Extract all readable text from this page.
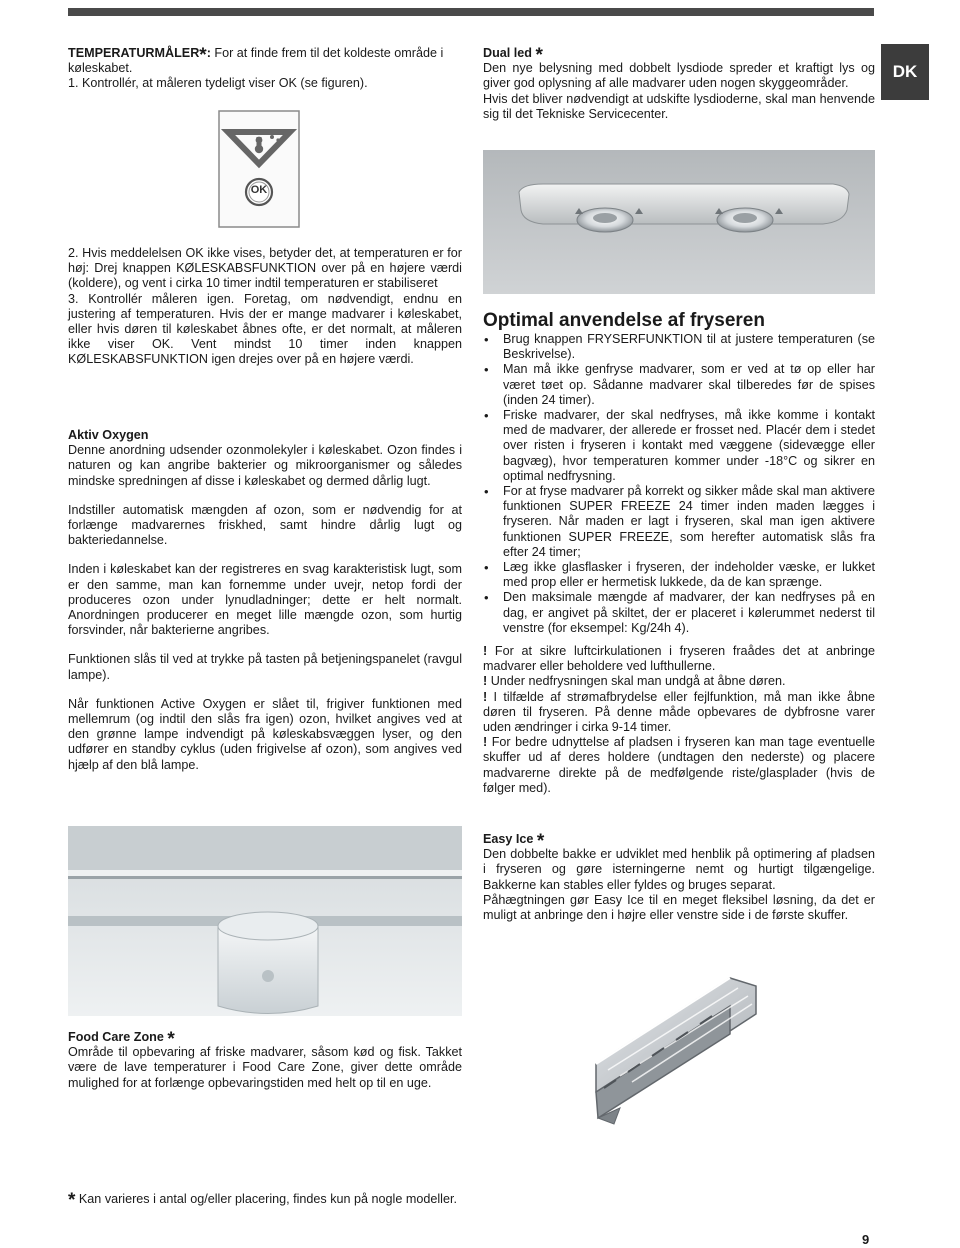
DK

TEMPERATURMÅLER*: For at finde frem til det koldeste område i køleskabet.

1. Kontrollér, at måleren tydeligt viser OK (se figuren).

OK

2. Hvis meddelelsen OK ikke vises, betyder det, at temperaturen er for høj: Drej knappen KØLESKABSFUNKTION over på en højere værdi (koldere), og vent i cirka 10 timer indtil temperaturen er stabiliseret

3. Kontrollér måleren igen. Foretag, om nødvendigt, endnu en justering af temperaturen. Hvis der er mange madvarer i køleskabet, eller hvis døren til køleskabet åbnes ofte, er det normalt, at måleren ikke viser OK. Vent mindst 10 timer inden knappen KØLESKABSFUNKTION igen drejes over på en højere værdi.

Aktiv Oxygen

Denne anordning udsender ozonmolekyler i køleskabet. Ozon findes i naturen og kan angribe bakterier og mikroorganismer og således mindske spredningen af disse i køleskabet og dermed dårlig lugt.

Indstiller automatisk mængden af ozon, som er nødvendig for at forlænge madvarernes friskhed, samt hindre dårlig lugt og bakteriedannelse.

Inden i køleskabet kan der registreres en svag karakteristisk lugt, som er den samme, man kan fornemme under uvejr, netop fordi der produceres ozon under lynudladninger; dette er helt normalt. Anordningen producerer en meget lille mængde ozon, som hurtig forsvinder, når bakterierne angribes.

Funktionen slås til ved at trykke på tasten på betjeningspanelet (ravgul lampe).

Når funktionen Active Oxygen er slået til, frigiver funktionen med mellemrum (og indtil den slås fra igen) ozon, hvilket angives ved at den grønne lampe indvendigt på køleskabsvæggen lyser, og den udfører en standby cyklus (uden frigivelse af ozon), som angives ved hjælp af den blå lampe.

Food Care Zone *

Område til opbevaring af friske madvarer, såsom kød og fisk. Takket være de lave temperaturer i Food Care Zone, giver dette område mulighed for at forlænge opbevaringstiden med helt op til en uge.

* Kan varieres i antal og/eller placering, findes kun på nogle modeller.

Dual led *

Den nye belysning med dobbelt lysdiode spreder et kraftigt lys og giver god oplysning af alle madvarer uden nogen skyggeområder.

Hvis det bliver nødvendigt at udskifte lysdioderne, skal man henvende sig til det Tekniske Servicecenter.

Optimal anvendelse af fryseren
• Brug knappen FRYSERFUNKTION til at justere temperaturen (se Beskrivelse).
• Man må ikke genfryse madvarer, som er ved at tø op eller har været tøet op. Sådanne madvarer skal tilberedes før de spises (inden 24 timer).
• Friske madvarer, der skal nedfryses, må ikke komme i kontakt med de madvarer, der allerede er frosset ned. Placér dem i stedet over risten i fryseren i kontakt med væggene (sidevægge eller bagvæg), hvor temperaturen kommer under -18°C og sikrer en optimal nedfrysning.
• For at fryse madvarer på korrekt og sikker måde skal man aktivere funktionen SUPER FREEZE 24 timer inden maden lægges i fryseren. Når maden er lagt i fryseren, skal man igen aktivere funktionen SUPER FREEZE, som herefter automatisk slås fra efter 24 timer;
• Læg ikke glasflasker i fryseren, der indeholder væske, er lukket med prop eller er hermetisk lukkede, da de kan sprænge.
• Den maksimale mængde af madvarer, der kan nedfryses på en dag, er angivet på skiltet, der er placeret i kølerummet nederst til venstre (for eksempel: Kg/24h 4).

! For at sikre luftcirkulationen i fryseren fraådes det at anbringe madvarer eller beholdere ved lufthullerne.

! Under nedfrysningen skal man undgå at åbne døren.

! I tilfælde af strømafbrydelse eller fejlfunktion, må man ikke åbne døren til fryseren. På denne måde opbevares de dybfrosne varer uden ændringer i cirka 9-14 timer.

! For bedre udnyttelse af pladsen i fryseren kan man tage eventuelle skuffer ud af deres holdere (undtagen den nederste) og placere madvarerne direkte på de medfølgende riste/glasplader (hvis de følger med).

Easy Ice *

Den dobbelte bakke er udviklet med henblik på optimering af pladsen i fryseren og gøre isterningerne nemt og hurtigt tilgængelige. Bakkerne kan stables eller fyldes og bruges separat.

Påhægtningen gør Easy Ice til en meget fleksibel løsning, da det er muligt at anbringe den i højre eller venstre side i de første skuffer.

9
